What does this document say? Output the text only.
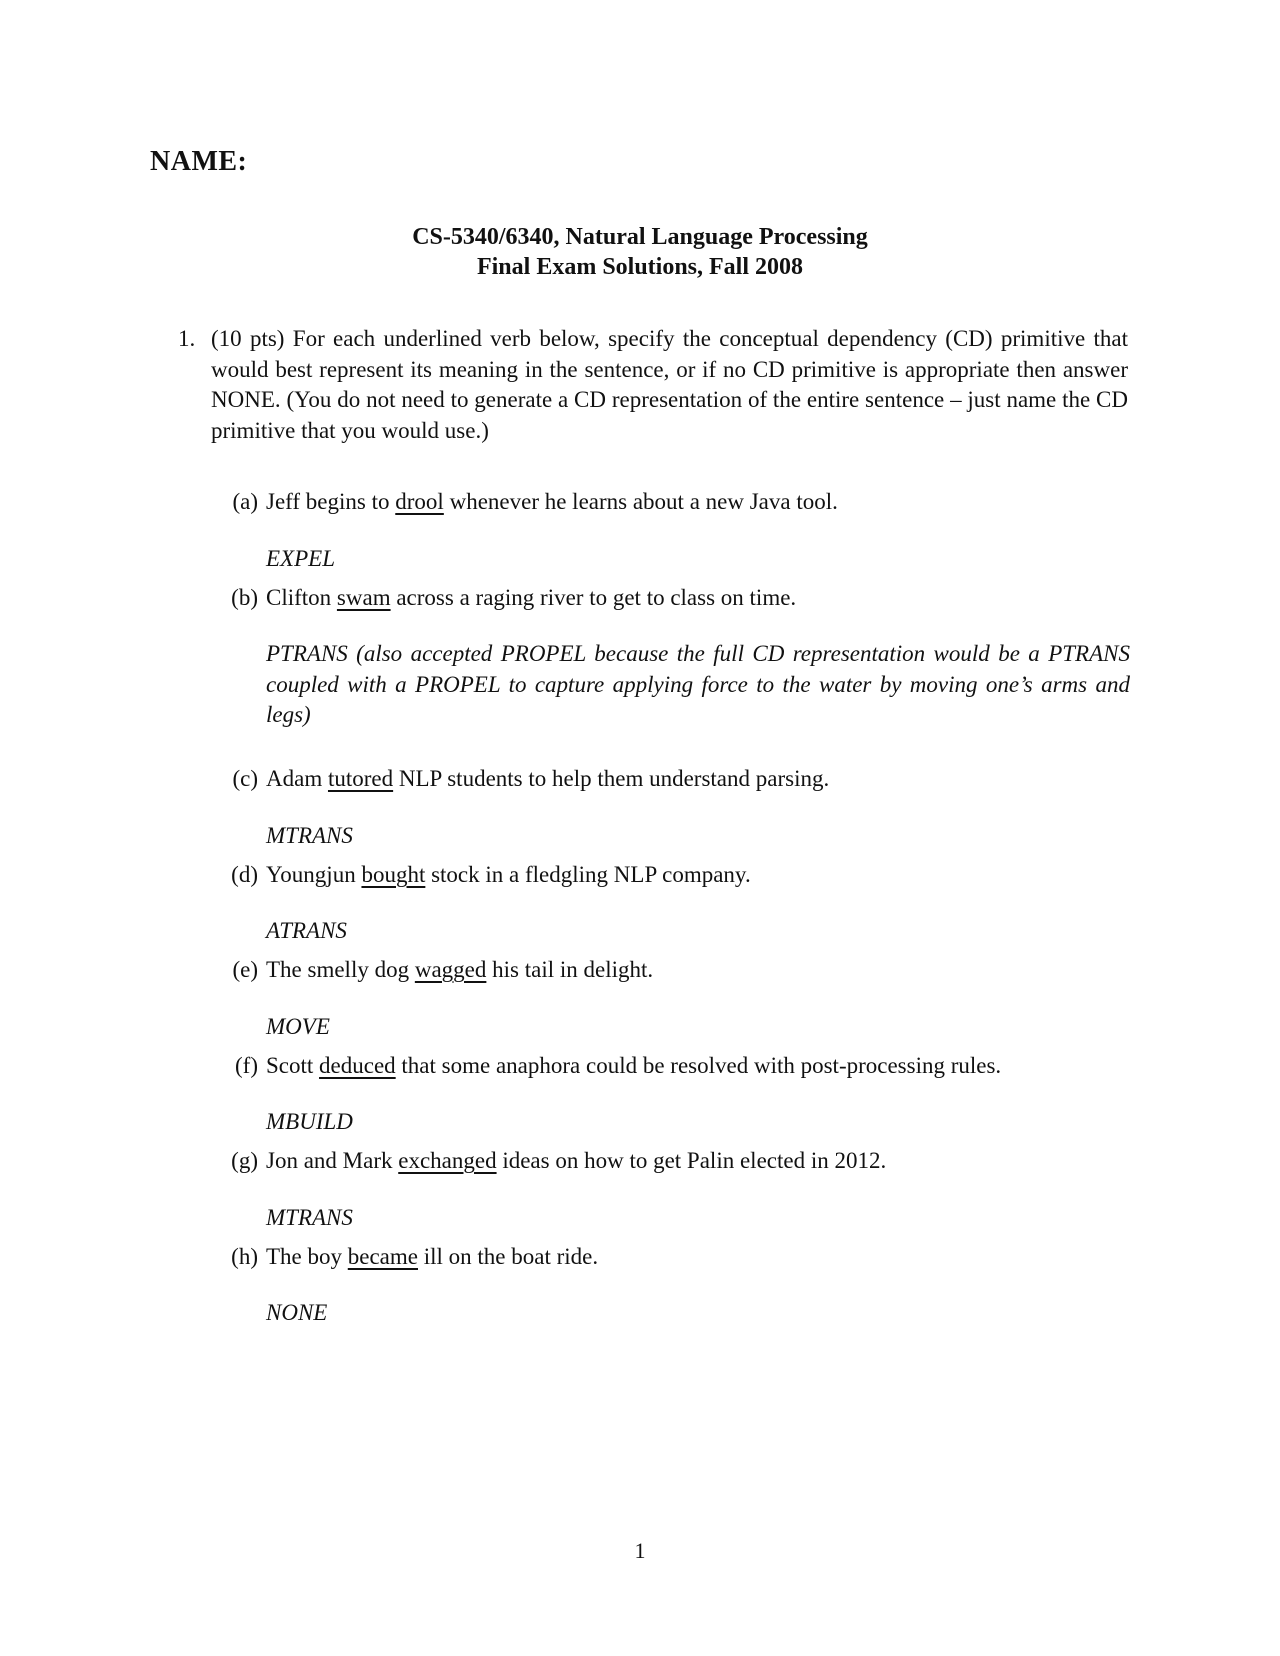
NAME:
CS-5340/6340, Natural Language Processing
Final Exam Solutions, Fall 2008
1. (10 pts) For each underlined verb below, specify the conceptual dependency (CD) primitive that would best represent its meaning in the sentence, or if no CD primitive is appropriate then answer NONE. (You do not need to generate a CD representation of the entire sentence – just name the CD primitive that you would use.)
(a) Jeff begins to drool whenever he learns about a new Java tool.
EXPEL
(b) Clifton swam across a raging river to get to class on time.
PTRANS (also accepted PROPEL because the full CD representation would be a PTRANS coupled with a PROPEL to capture applying force to the water by moving one’s arms and legs)
(c) Adam tutored NLP students to help them understand parsing.
MTRANS
(d) Youngjun bought stock in a fledgling NLP company.
ATRANS
(e) The smelly dog wagged his tail in delight.
MOVE
(f) Scott deduced that some anaphora could be resolved with post-processing rules.
MBUILD
(g) Jon and Mark exchanged ideas on how to get Palin elected in 2012.
MTRANS
(h) The boy became ill on the boat ride.
NONE
1
